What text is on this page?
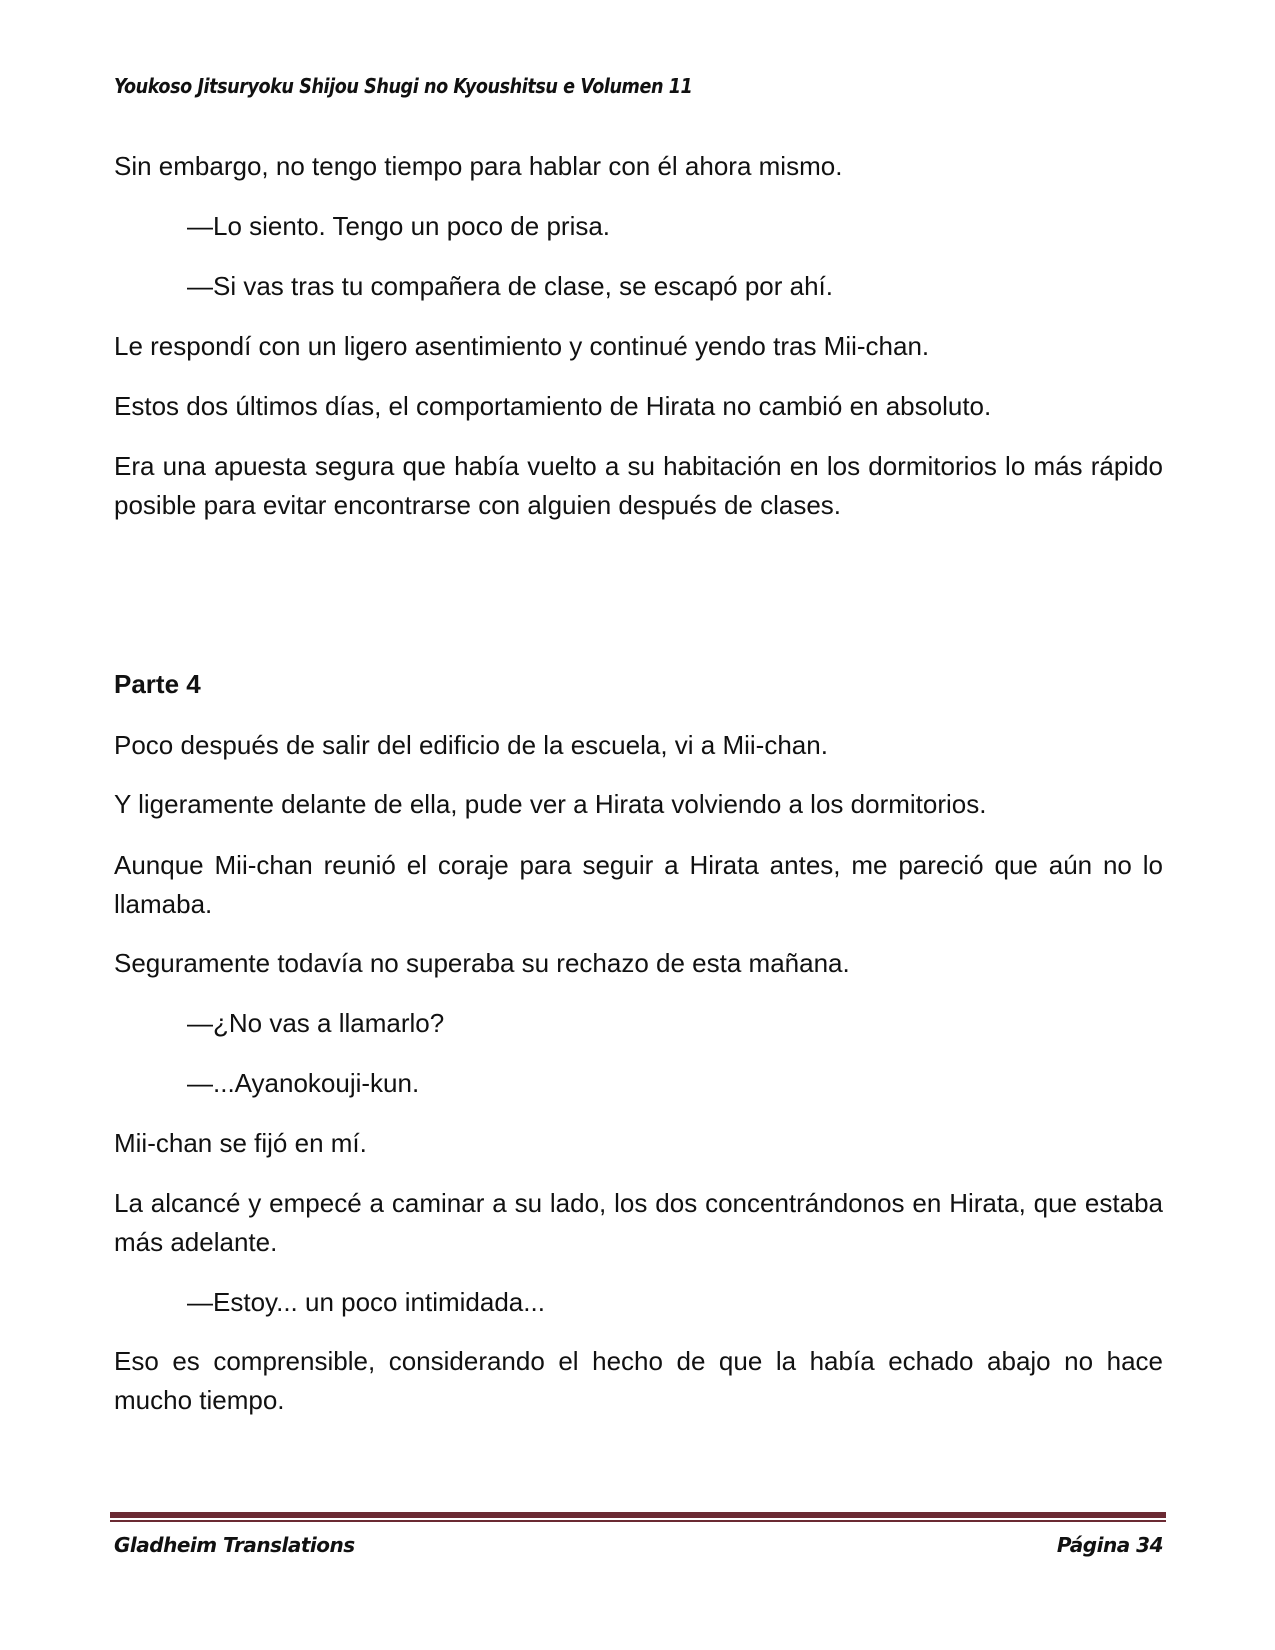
Youkoso Jitsuryoku Shijou Shugi no Kyoushitsu e Volumen 11
Sin embargo, no tengo tiempo para hablar con él ahora mismo.
—Lo siento. Tengo un poco de prisa.
—Si vas tras tu compañera de clase, se escapó por ahí.
Le respondí con un ligero asentimiento y continué yendo tras Mii-chan.
Estos dos últimos días, el comportamiento de Hirata no cambió en absoluto.
Era una apuesta segura que había vuelto a su habitación en los dormitorios lo más rápido posible para evitar encontrarse con alguien después de clases.
Parte 4
Poco después de salir del edificio de la escuela, vi a Mii-chan.
Y ligeramente delante de ella, pude ver a Hirata volviendo a los dormitorios.
Aunque Mii-chan reunió el coraje para seguir a Hirata antes, me pareció que aún no lo llamaba.
Seguramente todavía no superaba su rechazo de esta mañana.
—¿No vas a llamarlo?
—...Ayanokouji-kun.
Mii-chan se fijó en mí.
La alcancé y empecé a caminar a su lado, los dos concentrándonos en Hirata, que estaba más adelante.
—Estoy... un poco intimidada...
Eso es comprensible, considerando el hecho de que la había echado abajo no hace mucho tiempo.
Gladheim Translations	Página 34
